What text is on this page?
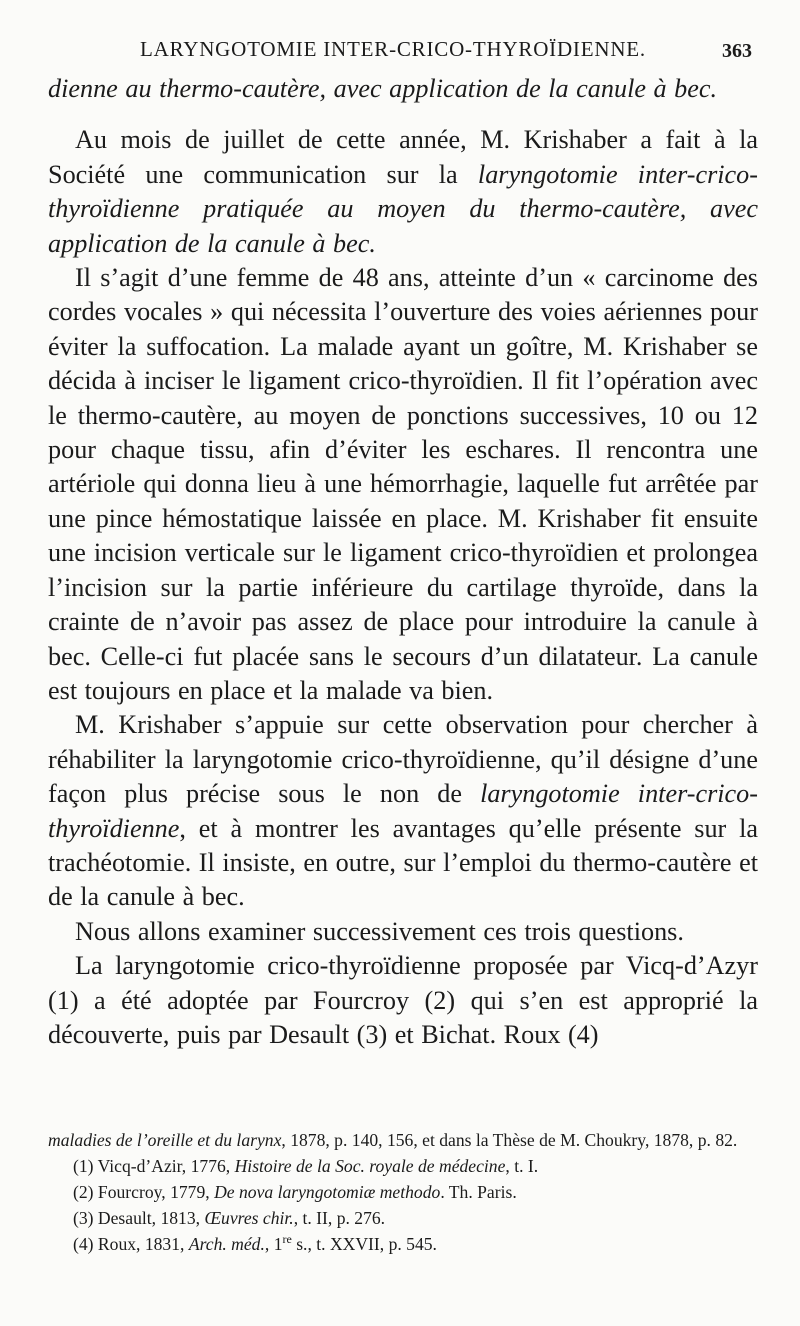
LARYNGOTOMIE INTER-CRICO-THYROÏDIENNE.	363

dienne au thermo-cautère, avec application de la canule à bec.

Au mois de juillet de cette année, M. Krishaber a fait à la Société une communication sur la laryngotomie inter-crico-thyroïdienne pratiquée au moyen du thermo-cautère, avec application de la canule à bec.

Il s’agit d’une femme de 48 ans, atteinte d’un « carcinome des cordes vocales » qui nécessita l’ouverture des voies aériennes pour éviter la suffocation. La malade ayant un goître, M. Krishaber se décida à inciser le ligament crico-thyroïdien. Il fit l’opération avec le thermo-cautère, au moyen de ponctions successives, 10 ou 12 pour chaque tissu, afin d’éviter les eschares. Il rencontra une artériole qui donna lieu à une hémorrhagie, laquelle fut arrêtée par une pince hémostatique laissée en place. M. Krishaber fit ensuite une incision verticale sur le ligament crico-thyroïdien et prolongea l’incision sur la partie inférieure du cartilage thyroïde, dans la crainte de n’avoir pas assez de place pour introduire la canule à bec. Celle-ci fut placée sans le secours d’un dilatateur. La canule est toujours en place et la malade va bien.

M. Krishaber s’appuie sur cette observation pour chercher à réhabiliter la laryngotomie crico-thyroïdienne, qu’il désigne d’une façon plus précise sous le non de laryngotomie inter-crico-thyroïdienne, et à montrer les avantages qu’elle présente sur la trachéotomie. Il insiste, en outre, sur l’emploi du thermo-cautère et de la canule à bec.

Nous allons examiner successivement ces trois questions.

La laryngotomie crico-thyroïdienne proposée par Vicq-d’Azyr (1) a été adoptée par Fourcroy (2) qui s’en est approprié la découverte, puis par Desault (3) et Bichat. Roux (4)

maladies de l’oreille et du larynx, 1878, p. 140, 156, et dans la Thèse de M. Choukry, 1878, p. 82.

(1) Vicq-d’Azir, 1776, Histoire de la Soc. royale de médecine, t. I.

(2) Fourcroy, 1779, De nova laryngotomiæ methodo. Th. Paris.

(3) Desault, 1813, Œuvres chir., t. II, p. 276.

(4) Roux, 1831, Arch. méd., 1re s., t. XXVII, p. 545.
